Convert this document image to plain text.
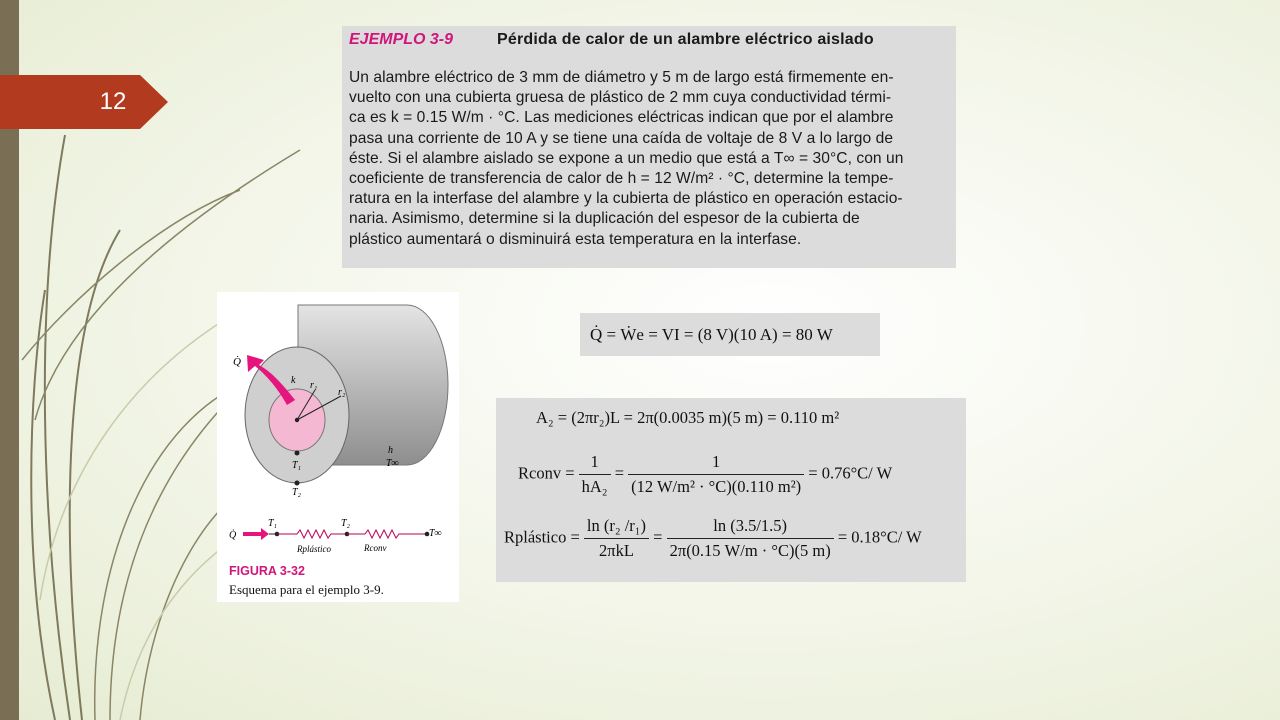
12
EJEMPLO 3-9	Pérdida de calor de un alambre eléctrico aislado
Un alambre eléctrico de 3 mm de diámetro y 5 m de largo está firmemente en-
vuelto con una cubierta gruesa de plástico de 2 mm cuya conductividad térmi-
ca es k = 0.15 W/m · °C. Las mediciones eléctricas indican que por el alambre
pasa una corriente de 10 A y se tiene una caída de voltaje de 8 V a lo largo de
éste. Si el alambre aislado se expone a un medio que está a T∞ = 30°C, con un
coeficiente de transferencia de calor de h = 12 W/m² · °C, determine la tempe-
ratura en la interfase del alambre y la cubierta de plástico en operación estacio-
naria. Asimismo, determine si la duplicación del espesor de la cubierta de
plástico aumentará o disminuirá esta temperatura en la interfase.
Q̇
k r₁
r₂
h
T∞
T₁
T₂
Q̇
T₁	T₂
T∞
Rplástico	Rconv
FIGURA 3-32
Esquema para el ejemplo 3-9.
Q̇ = Ẇe = VI = (8 V)(10 A) = 80 W
A₂ = (2πr₂)L = 2π(0.0035 m)(5 m) = 0.110 m²
Rconv = $\frac{1}{\text{hA₂}} = \frac{1}{\text{(12 W/m² · °C)(0.110 m²)}} = 0.76^\circ C/$ W
Rplástico = $\frac{\text{ln (r₂ /r₁)}}{\text{2πkL}} = \frac{\ln (3.5/1.5)}{2\pi(0.15 W/m \cdot ^\circ C)(5 m)} = 0.18^\circ C/$ W
